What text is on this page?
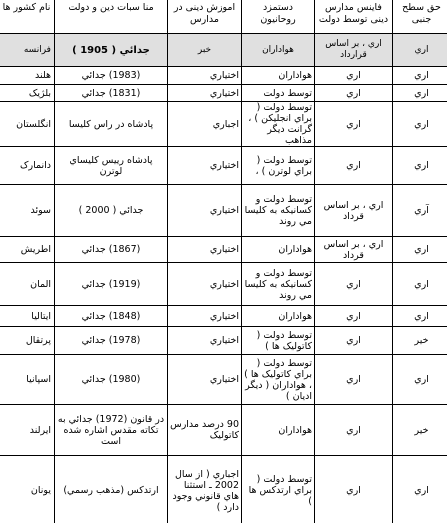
حق سطح جنبی	فاینس مدارس دینی توسط دولت	دستمزد روحانیون	اموزش دینی در مدارس	منا سبات دین و دولت	نام کشور ها
اري	اري ، بر اساس قرارداد	هواداران	خبر	جدائي ( 1905 )	فرانسه
اري	اري	هواداران	اختياري	(1983) جدائي	هلند
اري	اري	توسط دولت	اختياري	(1831) جدائي	بلژيک
اري	اري	توسط دولت ( براي انجليکن ) ، گرانت ديگر مذاهب	اجباري	پادشاه در راس کليسا	انگلستان
اري	اري	توسط دولت ( براي لوترن ) ،	اختياري	پادشاه رييس کليساي لوترن	دانمارک
آري	اري ، بر اساس قرداد	توسط دولت و کسانيکه به کليسا مي روند	اختياري	جدائي ( 2000 )	سوئد
اري	اري ، بر اساس قرداد	هواداران	اختياري	(1867) جدائي	اطريش
اري	اري	توسط دولت و کسانيکه به کليسا مي روند	اختياري	(1919) جدائي	المان
اري	اري	هواداران	اختياري	(1848) جدائي	ايتاليا
خير	اري	توسط دولت ( کاتوليک ها )	اختياري	(1978) جدائي	پرتقال
اري	اري	توسط دولت ( براي کاتوليک ها ) ، هواداران ( ديگر اديان )	اختياري	(1980) جدائي	اسپانيا
خير	اري	هواداران	90 درصد مدارس کاتوليک	در قانون (1972) جدائي به تکاته مقدس اشاره شده است	ايرلند
اري	اري	توسط دولت ( براي ارتدکس ها )	اجباري ( از سال 2002 ـ استثنا هاي قانوني وجود دارد )	ارتدکس (مذهب رسمي)	يونان
